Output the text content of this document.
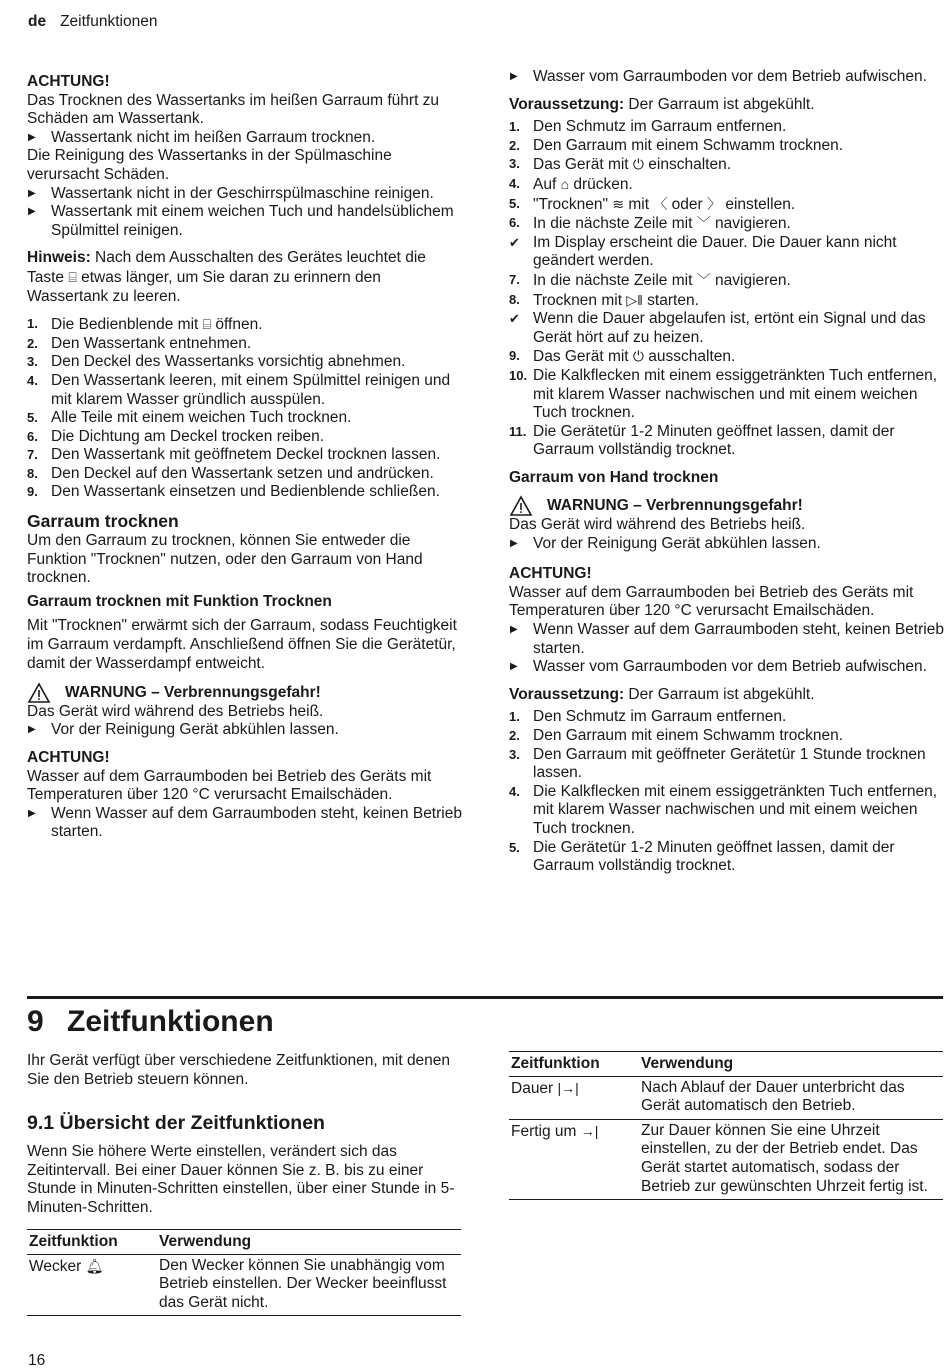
de Zeitfunktionen
ACHTUNG!
Das Trocknen des Wassertanks im heißen Garraum führt zu Schäden am Wassertank.
▶ Wassertank nicht im heißen Garraum trocknen.
Die Reinigung des Wassertanks in der Spülmaschine verursacht Schäden.
▶ Wassertank nicht in der Geschirrspülmaschine reinigen.
▶ Wassertank mit einem weichen Tuch und handelsüblichem Spülmittel reinigen.
Hinweis: Nach dem Ausschalten des Gerätes leuchtet die Taste ⌸ etwas länger, um Sie daran zu erinnern den Wassertank zu leeren.
1. Die Bedienblende mit ⌸ öffnen.
2. Den Wassertank entnehmen.
3. Den Deckel des Wassertanks vorsichtig abnehmen.
4. Den Wassertank leeren, mit einem Spülmittel reinigen und mit klarem Wasser gründlich ausspülen.
5. Alle Teile mit einem weichen Tuch trocknen.
6. Die Dichtung am Deckel trocken reiben.
7. Den Wassertank mit geöffnetem Deckel trocknen lassen.
8. Den Deckel auf den Wassertank setzen und andrücken.
9. Den Wassertank einsetzen und Bedienblende schließen.
Garraum trocknen
Um den Garraum zu trocknen, können Sie entweder die Funktion "Trocknen" nutzen, oder den Garraum von Hand trocknen.
Garraum trocknen mit Funktion Trocknen
Mit "Trocknen" erwärmt sich der Garraum, sodass Feuchtigkeit im Garraum verdampft. Anschließend öffnen Sie die Gerätetür, damit der Wasserdampf entweicht.
WARNUNG – Verbrennungsgefahr!
Das Gerät wird während des Betriebs heiß.
▶ Vor der Reinigung Gerät abkühlen lassen.
ACHTUNG!
Wasser auf dem Garraumboden bei Betrieb des Geräts mit Temperaturen über 120 °C verursacht Emailschäden.
▶ Wenn Wasser auf dem Garraumboden steht, keinen Betrieb starten.
▶ Wasser vom Garraumboden vor dem Betrieb aufwischen.
Voraussetzung: Der Garraum ist abgekühlt.
1. Den Schmutz im Garraum entfernen.
2. Den Garraum mit einem Schwamm trocknen.
3. Das Gerät mit ⏻ einschalten.
4. Auf ⌂ drücken.
5. "Trocknen" ≋ mit 〈 oder 〉 einstellen.
6. In die nächste Zeile mit ﹀ navigieren.
✔ Im Display erscheint die Dauer. Die Dauer kann nicht geändert werden.
7. In die nächste Zeile mit ﹀ navigieren.
8. Trocknen mit ▷‖ starten.
✔ Wenn die Dauer abgelaufen ist, ertönt ein Signal und das Gerät hört auf zu heizen.
9. Das Gerät mit ⏻ ausschalten.
10. Die Kalkflecken mit einem essiggetränkten Tuch entfernen, mit klarem Wasser nachwischen und mit einem weichen Tuch trocknen.
11. Die Gerätetür 1-2 Minuten geöffnet lassen, damit der Garraum vollständig trocknet.
Garraum von Hand trocknen
WARNUNG – Verbrennungsgefahr!
Das Gerät wird während des Betriebs heiß.
▶ Vor der Reinigung Gerät abkühlen lassen.
ACHTUNG!
Wasser auf dem Garraumboden bei Betrieb des Geräts mit Temperaturen über 120 °C verursacht Emailschäden.
▶ Wenn Wasser auf dem Garraumboden steht, keinen Betrieb starten.
▶ Wasser vom Garraumboden vor dem Betrieb aufwischen.
Voraussetzung: Der Garraum ist abgekühlt.
1. Den Schmutz im Garraum entfernen.
2. Den Garraum mit einem Schwamm trocknen.
3. Den Garraum mit geöffneter Gerätetür 1 Stunde trocknen lassen.
4. Die Kalkflecken mit einem essiggetränkten Tuch entfernen, mit klarem Wasser nachwischen und mit einem weichen Tuch trocknen.
5. Die Gerätetür 1-2 Minuten geöffnet lassen, damit der Garraum vollständig trocknet.
9 Zeitfunktionen
Ihr Gerät verfügt über verschiedene Zeitfunktionen, mit denen Sie den Betrieb steuern können.
9.1 Übersicht der Zeitfunktionen
Wenn Sie höhere Werte einstellen, verändert sich das Zeitintervall. Bei einer Dauer können Sie z. B. bis zu einer Stunde in Minuten-Schritten einstellen, über einer Stunde in 5-Minuten-Schritten.
Zeitfunktion	Verwendung
Wecker 🔔︎	Den Wecker können Sie unabhängig vom Betrieb einstellen. Der Wecker beeinflusst das Gerät nicht.
Zeitfunktion	Verwendung
Dauer |→|	Nach Ablauf der Dauer unterbricht das Gerät automatisch den Betrieb.
Fertig um →|	Zur Dauer können Sie eine Uhrzeit einstellen, zu der der Betrieb endet. Das Gerät startet automatisch, sodass der Betrieb zur gewünschten Uhrzeit fertig ist.
16
